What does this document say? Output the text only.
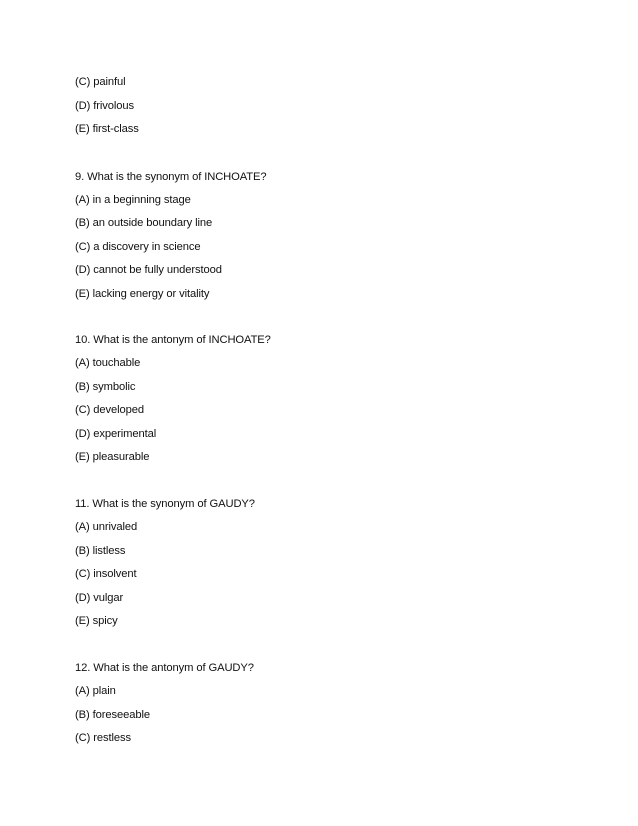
(C) painful
(D) frivolous
(E) first-class
9. What is the synonym of INCHOATE?
(A) in a beginning stage
(B) an outside boundary line
(C) a discovery in science
(D) cannot be fully understood
(E) lacking energy or vitality
10. What is the antonym of INCHOATE?
(A) touchable
(B) symbolic
(C) developed
(D) experimental
(E) pleasurable
11. What is the synonym of GAUDY?
(A) unrivaled
(B) listless
(C) insolvent
(D) vulgar
(E) spicy
12. What is the antonym of GAUDY?
(A) plain
(B) foreseeable
(C) restless
